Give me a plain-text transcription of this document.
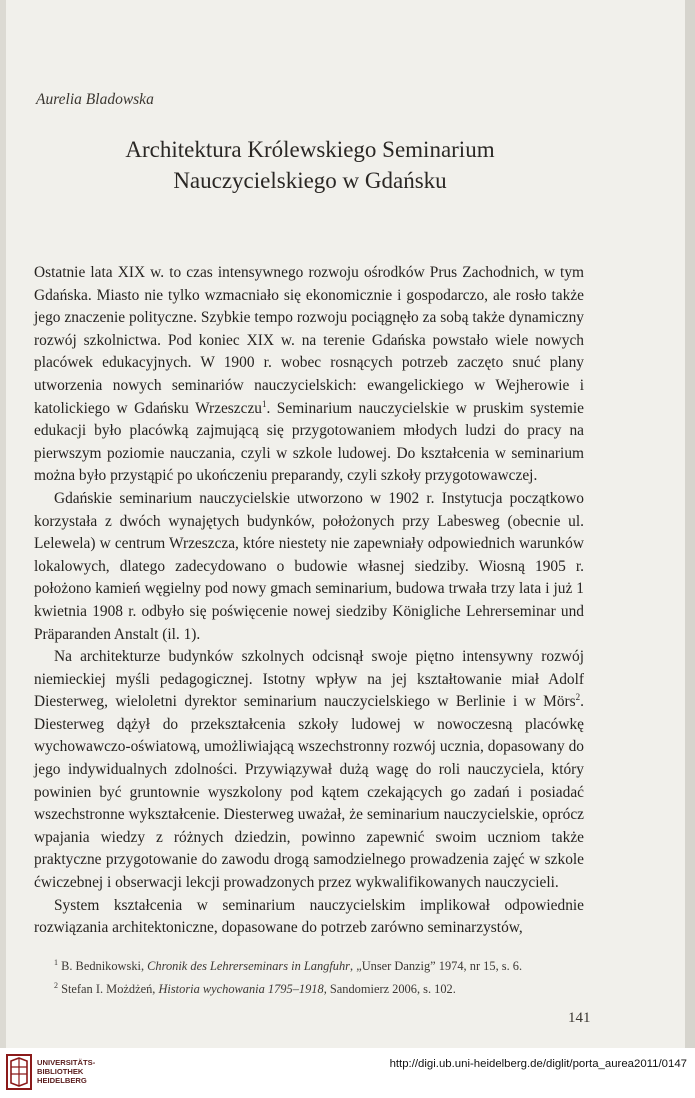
Aurelia Bladowska
Architektura Królewskiego Seminarium
Nauczycielskiego w Gdańsku

Ostatnie lata XIX w. to czas intensywnego rozwoju ośrodków Prus Zachodnich, w tym Gdańska. Miasto nie tylko wzmacniało się ekonomicznie i gospodarczo, ale rosło także jego znaczenie polityczne. Szybkie tempo rozwoju pociągnęło za sobą także dynamiczny rozwój szkolnictwa. Pod koniec XIX w. na terenie Gdańska powstało wiele nowych placówek edukacyjnych. W 1900 r. wobec rosnących potrzeb zaczęto snuć plany utworzenia nowych seminariów nauczycielskich: ewangelickiego w Wejherowie i katolickiego w Gdańsku Wrzeszczu$^1$. Seminarium nauczycielskie w pruskim systemie edukacji było placówką zajmującą się przygotowaniem młodych ludzi do pracy na pierwszym poziomie nauczania, czyli w szkole ludowej. Do kształcenia w seminarium można było przystąpić po ukończeniu preparandy, czyli szkoły przygotowawczej.

Gdańskie seminarium nauczycielskie utworzono w 1902 r. Instytucja początkowo korzystała z dwóch wynajętych budynków, położonych przy Labesweg (obecnie ul. Lelewela) w centrum Wrzeszcza, które niestety nie zapewniały odpowiednich warunków lokalowych, dlatego zadecydowano o budowie własnej siedziby. Wiosną 1905 r. położono kamień węgielny pod nowy gmach seminarium, budowa trwała trzy lata i już 1 kwietnia 1908 r. odbyło się poświęcenie nowej siedziby Königliche Lehrerseminar und Präparanden Anstalt (il. 1).

Na architekturze budynków szkolnych odcisnął swoje piętno intensywny rozwój niemieckiej myśli pedagogicznej. Istotny wpływ na jej kształtowanie miał Adolf Diesterweg, wieloletni dyrektor seminarium nauczycielskiego w Berlinie i w Mörs$^2$. Diesterweg dążył do przekształcenia szkoły ludowej w nowoczesną placówkę wychowawczo-oświatową, umożliwiającą wszechstronny rozwój ucznia, dopasowany do jego indywidualnych zdolności. Przywiązywał dużą wagę do roli nauczyciela, który powinien być gruntownie wyszkolony pod kątem czekających go zadań i posiadać wszechstronne wykształcenie. Diesterweg uważał, że seminarium nauczycielskie, oprócz wpajania wiedzy z różnych dziedzin, powinno zapewnić swoim uczniom także praktyczne przygotowanie do zawodu drogą samodzielnego prowadzenia zajęć w szkole ćwiczebnej i obserwacji lekcji prowadzonych przez wykwalifikowanych nauczycieli.

System kształcenia w seminarium nauczycielskim implikował odpowiednie rozwiązania architektoniczne, dopasowane do potrzeb zarówno seminarzystów,

$^1$ B. Bednikowski, Chronik des Lehrerseminars in Langfuhr, „Unser Danzig” 1974, nr 15, s. 6.
$^2$ Stefan I. Możdżeń, Historia wychowania 1795–1918, Sandomierz 2006, s. 102.
141
UNIVERSITÄTS-
BIBLIOTHEK
HEIDELBERG
http://digi.ub.uni-heidelberg.de/diglit/porta_aurea2011/0147
